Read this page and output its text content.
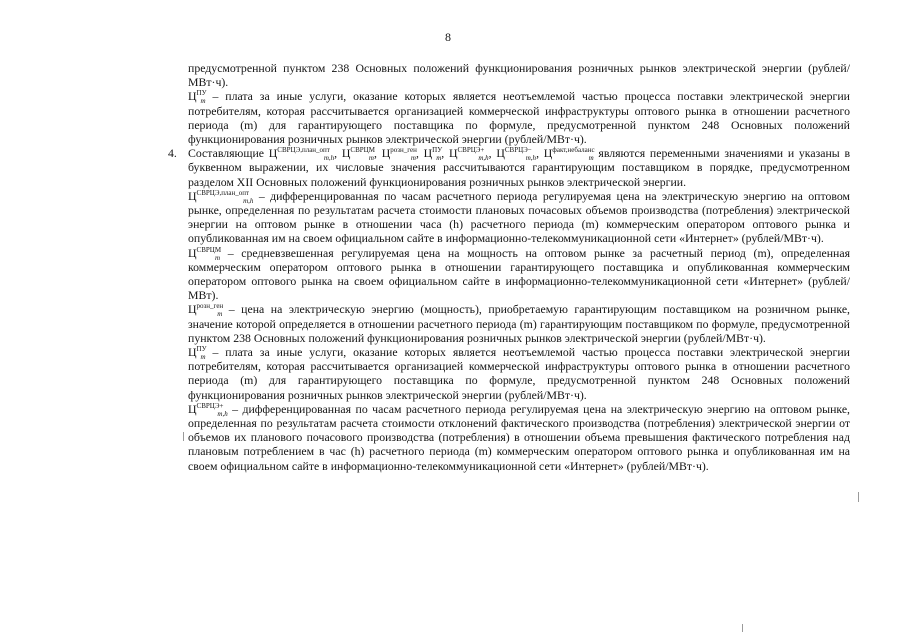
8

предусмотренной пунктом 238 Основных положений функционирования розничных рынков электрической энергии (рублей/МВт·ч).

$Ц^{ПУ}_m$ – плата за иные услуги, оказание которых является неотъемлемой частью процесса поставки электрической энергии потребителям, которая рассчитывается организацией коммерческой инфраструктуры оптового рынка в отношении расчетного периода (m) для гарантирующего поставщика по формуле, предусмотренной пунктом 248 Основных положений функционирования розничных рынков электрической энергии (рублей/МВт·ч).

4. Составляющие $Ц^{СВРЦЭ,план\_опт}_{m,h}$, $Ц^{СВРЦМ}_m$, $Ц^{розн\_ген}_m$, $Ц^{ПУ}_m$, $Ц^{СВРЦЭ+}_{m,h}$, $Ц^{СВРЦЭ-}_{m,h}$, $Ц^{факт,небаланс}_m$ являются переменными значениями и указаны в буквенном выражении, их числовые значения рассчитываются гарантирующим поставщиком в порядке, предусмотренном разделом XII Основных положений функционирования розничных рынков электрической энергии.

$Ц^{СВРЦЭ,план\_опт}_{m,h}$ – дифференцированная по часам расчетного периода регулируемая цена на электрическую энергию на оптовом рынке, определенная по результатам расчета стоимости плановых почасовых объемов производства (потребления) электрической энергии на оптовом рынке в отношении часа (h) расчетного периода (m) коммерческим оператором оптового рынка и опубликованная им на своем официальном сайте в информационно-телекоммуникационной сети «Интернет» (рублей/МВт·ч).

$Ц^{СВРЦМ}_m$ – средневзвешенная регулируемая цена на мощность на оптовом рынке за расчетный период (m), определенная коммерческим оператором оптового рынка в отношении гарантирующего поставщика и опубликованная коммерческим оператором оптового рынка на своем официальном сайте в информационно-телекоммуникационной сети «Интернет» (рублей/МВт).

$Ц^{розн\_ген}_m$ – цена на электрическую энергию (мощность), приобретаемую гарантирующим поставщиком на розничном рынке, значение которой определяется в отношении расчетного периода (m) гарантирующим поставщиком по формуле, предусмотренной пунктом 238 Основных положений функционирования розничных рынков электрической энергии (рублей/МВт·ч).

$Ц^{ПУ}_m$ – плата за иные услуги, оказание которых является неотъемлемой частью процесса поставки электрической энергии потребителям, которая рассчитывается организацией коммерческой инфраструктуры оптового рынка в отношении расчетного периода (m) для гарантирующего поставщика по формуле, предусмотренной пунктом 248 Основных положений функционирования розничных рынков электрической энергии (рублей/МВт·ч).

$Ц^{СВРЦЭ+}_{m,h}$ – дифференцированная по часам расчетного периода регулируемая цена на электрическую энергию на оптовом рынке, определенная по результатам расчета стоимости отклонений фактического производства (потребления) электрической энергии от объемов их планового почасового производства (потребления) в отношении объема превышения фактического потребления над плановым потреблением в час (h) расчетного периода (m) коммерческим оператором оптового рынка и опубликованная им на своем официальном сайте в информационно-телекоммуникационной сети «Интернет» (рублей/МВт·ч).
